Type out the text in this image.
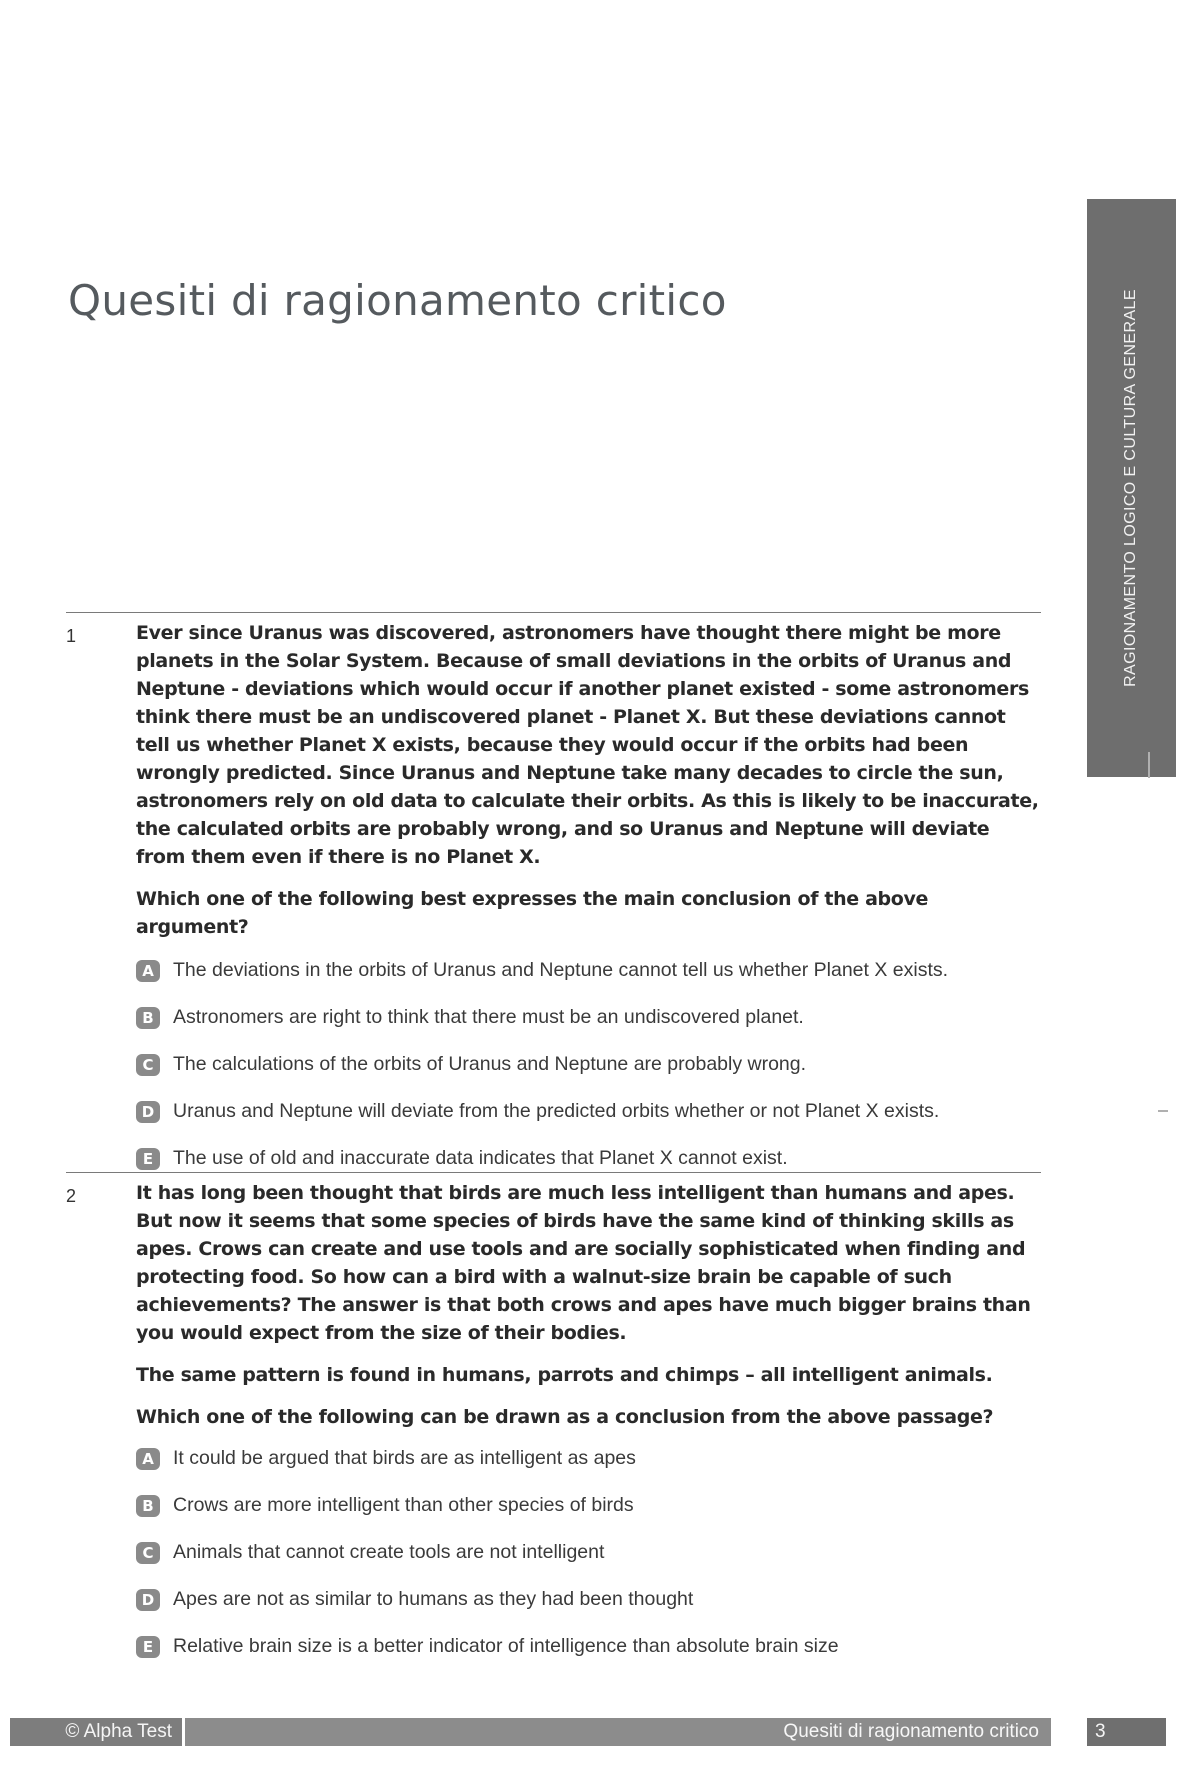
Quesiti di ragionamento critico	RAGIONAMENTO LOGICO E CULTURA GENERALE
1	Ever since Uranus was discovered, astronomers have thought there might be more planets in the Solar System. Because of small deviations in the orbits of Uranus and Neptune - deviations which would occur if another planet existed - some astronomers think there must be an undiscovered planet - Planet X. But these deviations cannot tell us whether Planet X exists, because they would occur if the orbits had been wrongly predicted. Since Uranus and Neptune take many decades to circle the sun, astronomers rely on old data to calculate their orbits. As this is likely to be inaccurate, the calculated orbits are probably wrong, and so Uranus and Neptune will deviate from them even if there is no Planet X.

Which one of the following best expresses the main conclusion of the above argument?

A The deviations in the orbits of Uranus and Neptune cannot tell us whether Planet X exists.
B Astronomers are right to think that there must be an undiscovered planet.
C	The calculations of the orbits of Uranus and Neptune are probably wrong.
D Uranus and Neptune will deviate from the predicted orbits whether or not Planet X exists.
E	The use of old and inaccurate data indicates that Planet X cannot exist.
2	It has long been thought that birds are much less intelligent than humans and apes. But now it seems that some species of birds have the same kind of thinking skills as apes. Crows can create and use tools and are socially sophisticated when finding and protecting food. So how can a bird with a walnut-size brain be capable of such achievements? The answer is that both crows and apes have much bigger brains than you would expect from the size of their bodies.

The same pattern is found in humans, parrots and chimps – all intelligent animals.

Which one of the following can be drawn as a conclusion from the above passage?

A It could be argued that birds are as intelligent as apes
B Crows are more intelligent than other species of birds
C	Animals that cannot create tools are not intelligent
D Apes are not as similar to humans as they had been thought
E	Relative brain size is a better indicator of intelligence than absolute brain size
© Alpha Test	Quesiti di ragionamento critico	3
